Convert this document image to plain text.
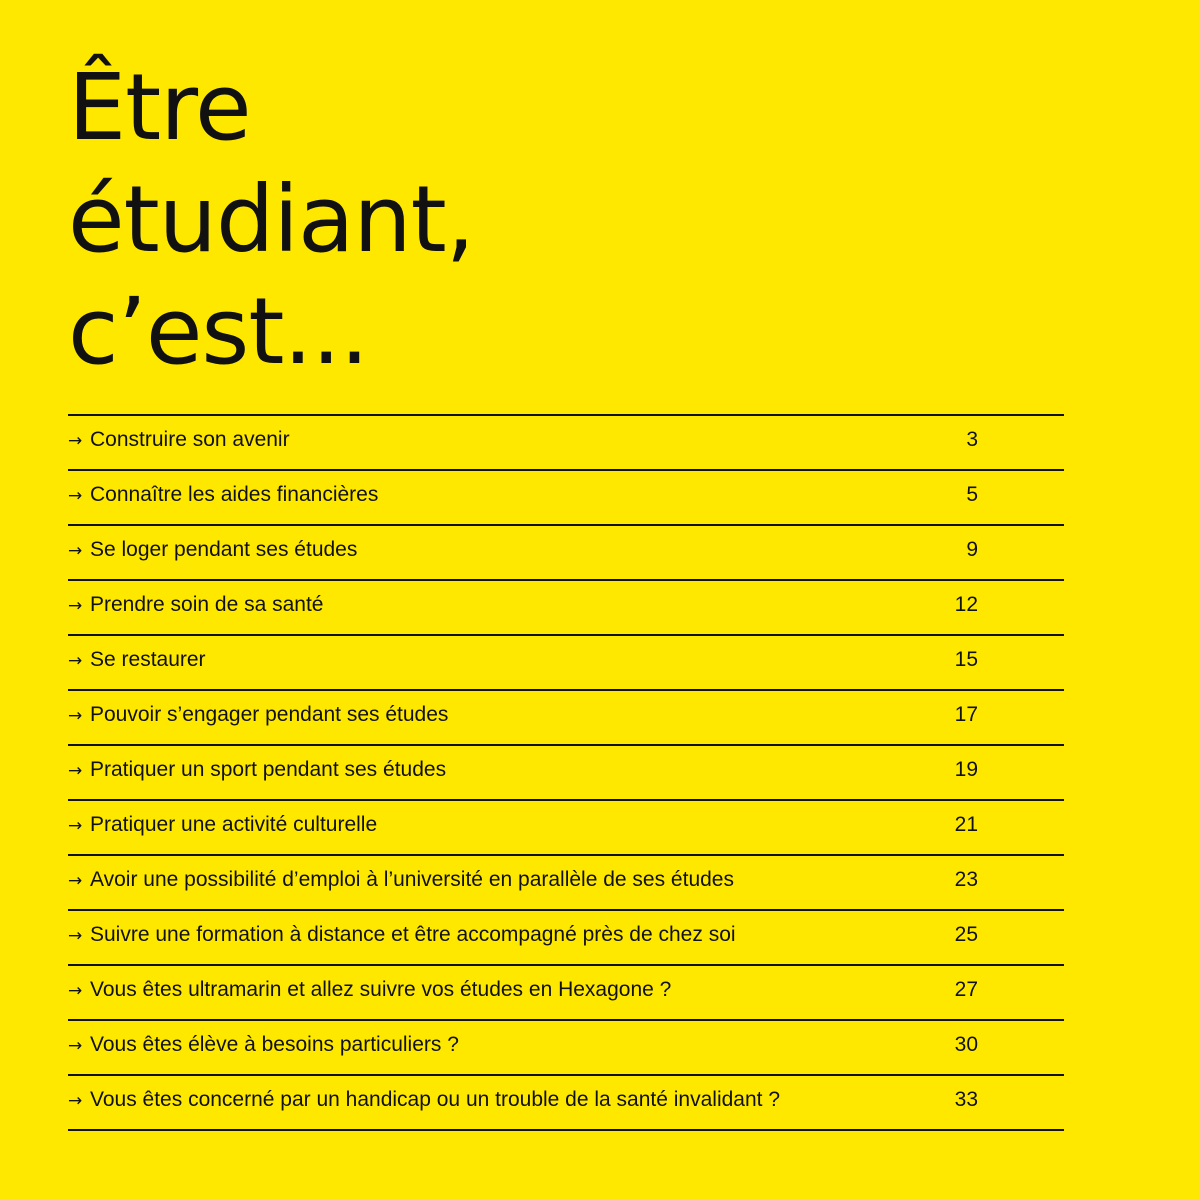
Être
étudiant,
c’est...
→ Construire son avenir	3
→ Connaître les aides financières	5
→ Se loger pendant ses études	9
→ Prendre soin de sa santé	12
→ Se restaurer	15
→ Pouvoir s’engager pendant ses études	17
→ Pratiquer un sport pendant ses études	19
→ Pratiquer une activité culturelle	21
→ Avoir une possibilité d’emploi à l’université en parallèle de ses études	23
→ Suivre une formation à distance et être accompagné près de chez soi	25
→ Vous êtes ultramarin et allez suivre vos études en Hexagone ?	27
→ Vous êtes élève à besoins particuliers ?	30
→ Vous êtes concerné par un handicap ou un trouble de la santé invalidant ?	33
